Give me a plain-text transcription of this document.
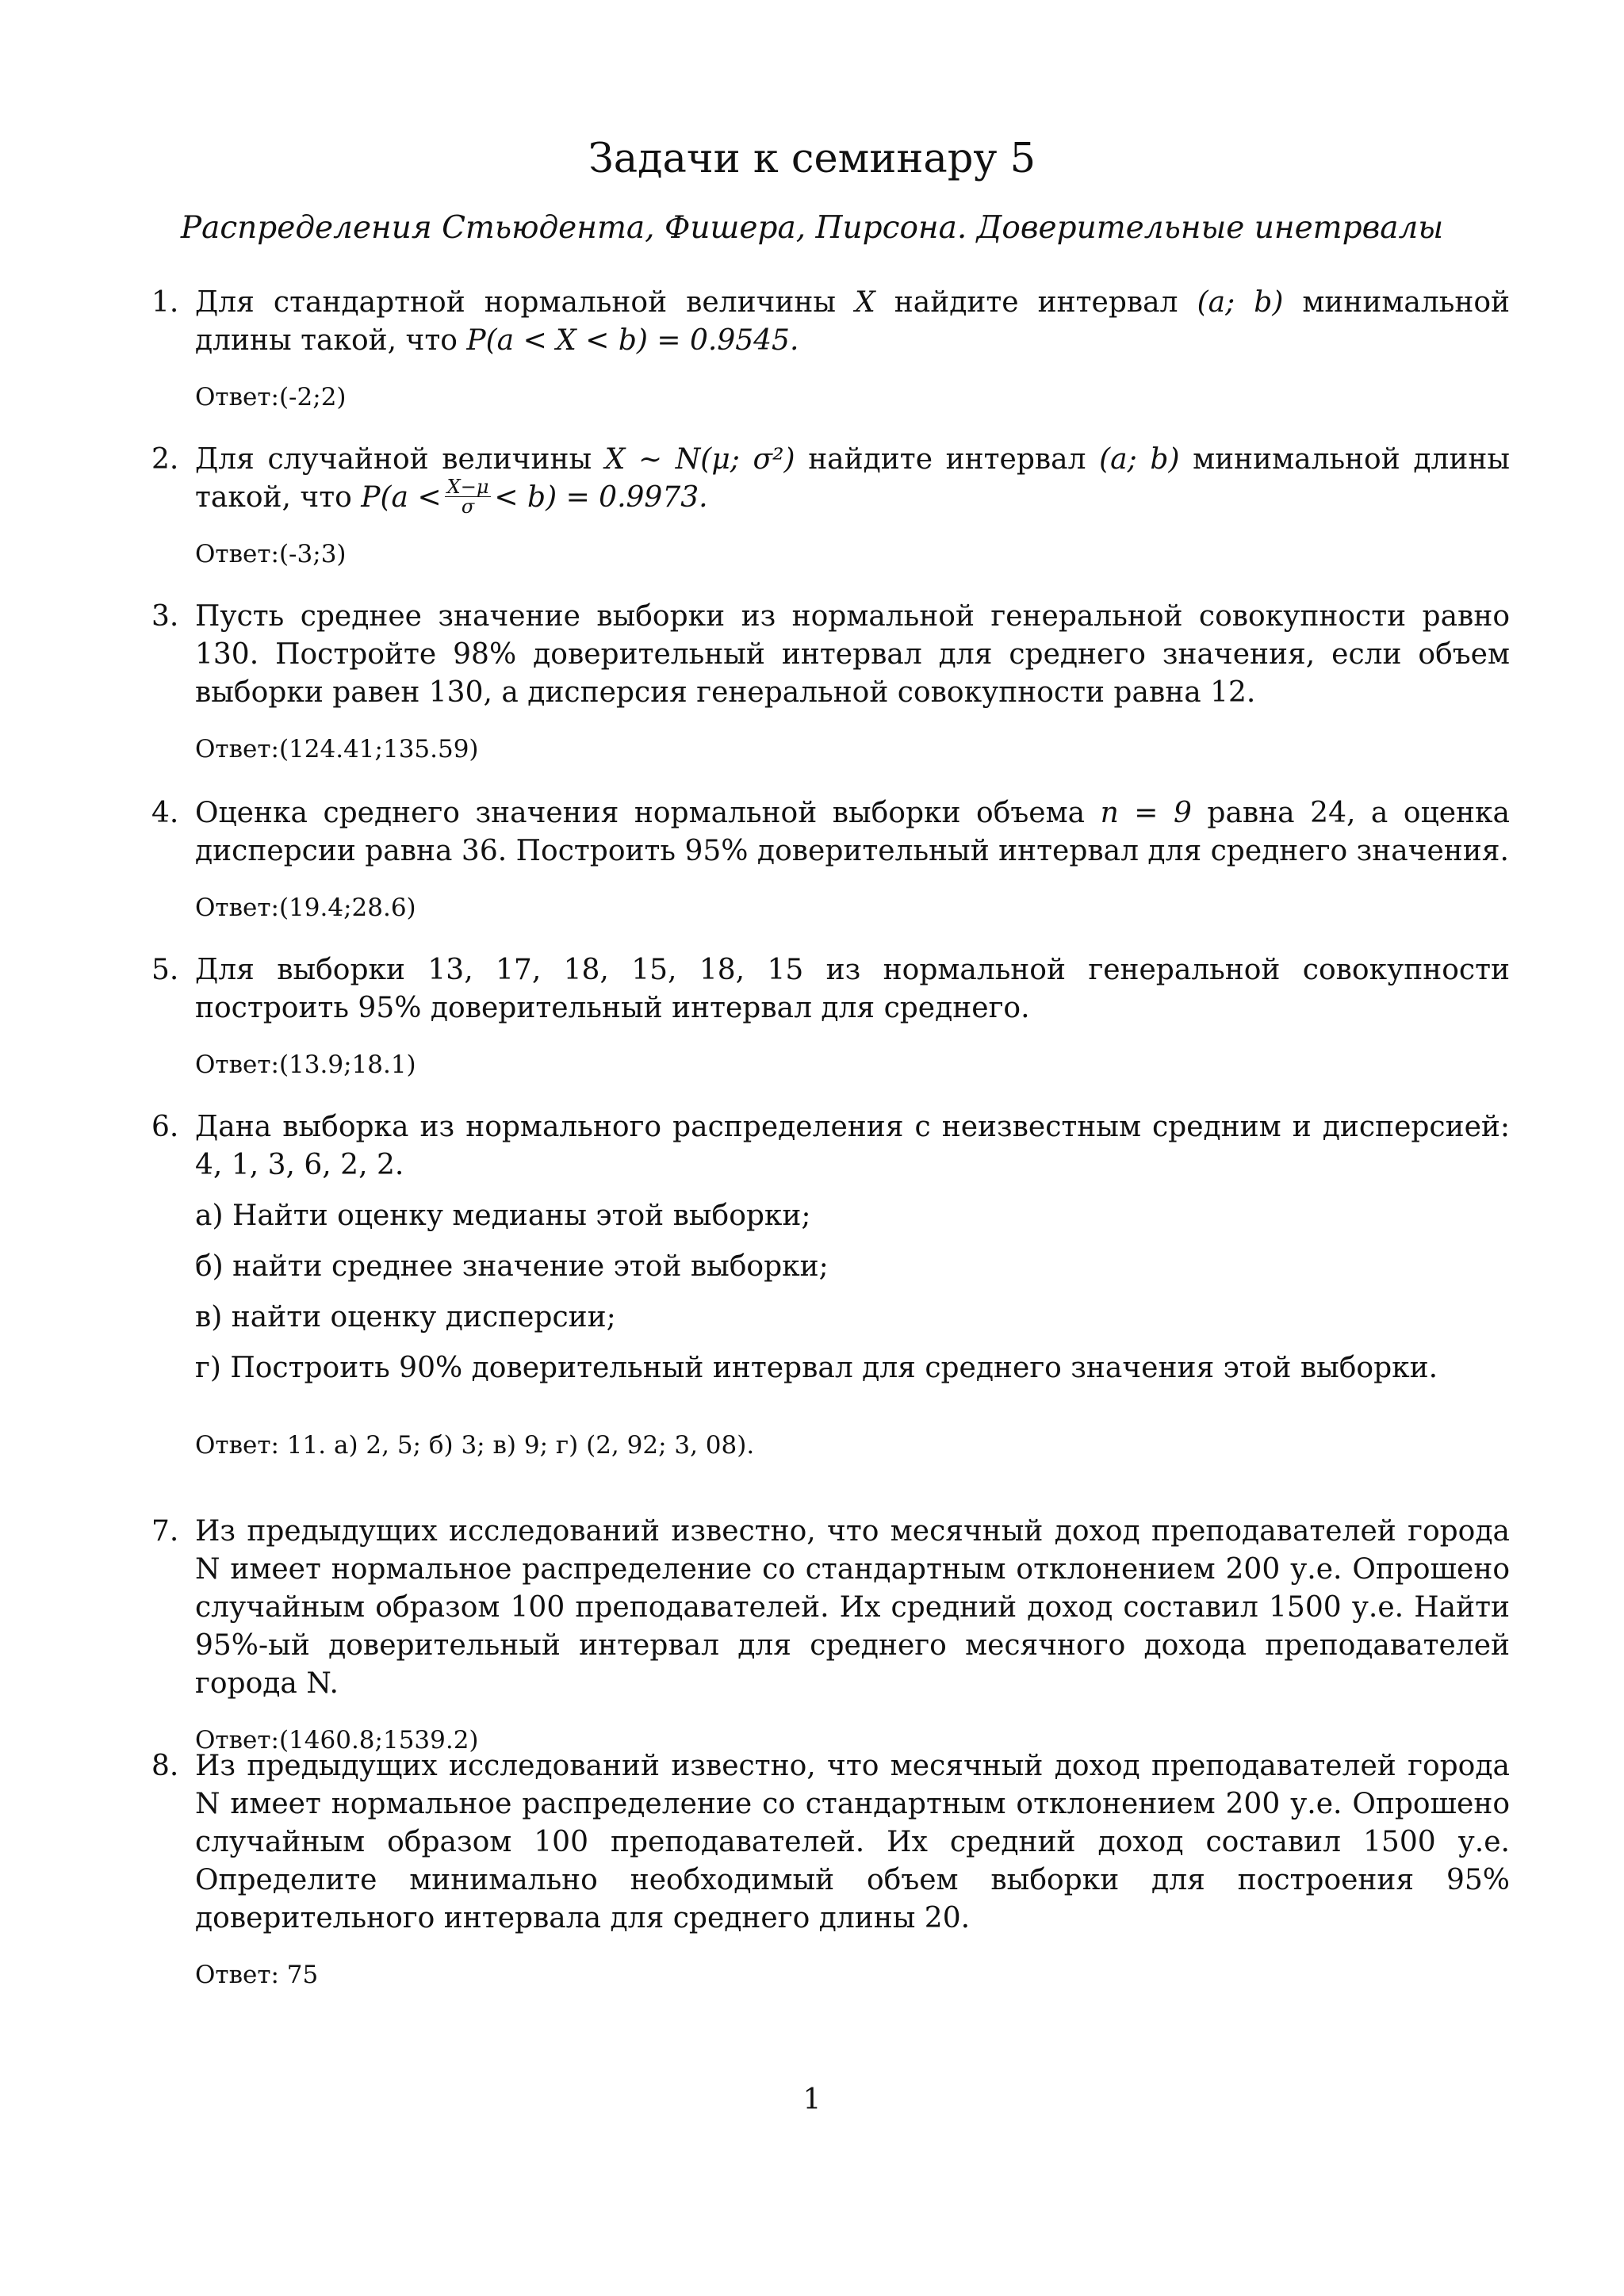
Задачи к семинару 5
Распределения Стьюдента, Фишера, Пирсона. Доверительные инетрвалы
1. Для стандартной нормальной величины X найдите интервал (a; b) минимальной длины такой, что P(a < X < b) = 0.9545.
Ответ:(-2;2)
2. Для случайной величины X ∼ N(μ; σ²) найдите интервал (a; b) минимальной длины такой, что $P(a < \frac{X-\mu}{\sigma} < b) = 0.9973$.
Ответ:(-3;3)
3. Пусть среднее значение выборки из нормальной генеральной совокупности равно 130. Постройте 98% доверительный интервал для среднего значения, если объем выборки равен 130, а дисперсия генеральной совокупности равна 12.
Ответ:(124.41;135.59)
4. Оценка среднего значения нормальной выборки объема n = 9 равна 24, а оценка дисперсии равна 36. Построить 95% доверительный интервал для среднего значения.
Ответ:(19.4;28.6)
5. Для выборки 13, 17, 18, 15, 18, 15 из нормальной генеральной совокупности построить 95% доверительный интервал для среднего.
Ответ:(13.9;18.1)
6. Дана выборка из нормального распределения с неизвестным средним и дисперсией: 4, 1, 3, 6, 2, 2.
а) Найти оценку медианы этой выборки;
б) найти среднее значение этой выборки;
в) найти оценку дисперсии;
г) Построить 90% доверительный интервал для среднего значения этой выборки.
Ответ: 11. а) 2, 5; б) 3; в) 9; г) (2, 92; 3, 08).
7. Из предыдущих исследований известно, что месячный доход преподавателей города N имеет нормальное распределение со стандартным отклонением 200 у.е. Опрошено случайным образом 100 преподавателей. Их средний доход составил 1500 у.е. Найти 95%-ый доверительный интервал для среднего месячного дохода преподавателей города N.
Ответ:(1460.8;1539.2)
8. Из предыдущих исследований известно, что месячный доход преподавателей города N имеет нормальное распределение со стандартным отклонением 200 у.е. Опрошено случайным образом 100 преподавателей. Их средний доход составил 1500 у.е. Определите минимально необходимый объем выборки для построения 95% доверительного интервала для среднего длины 20.
Ответ: 75
1
